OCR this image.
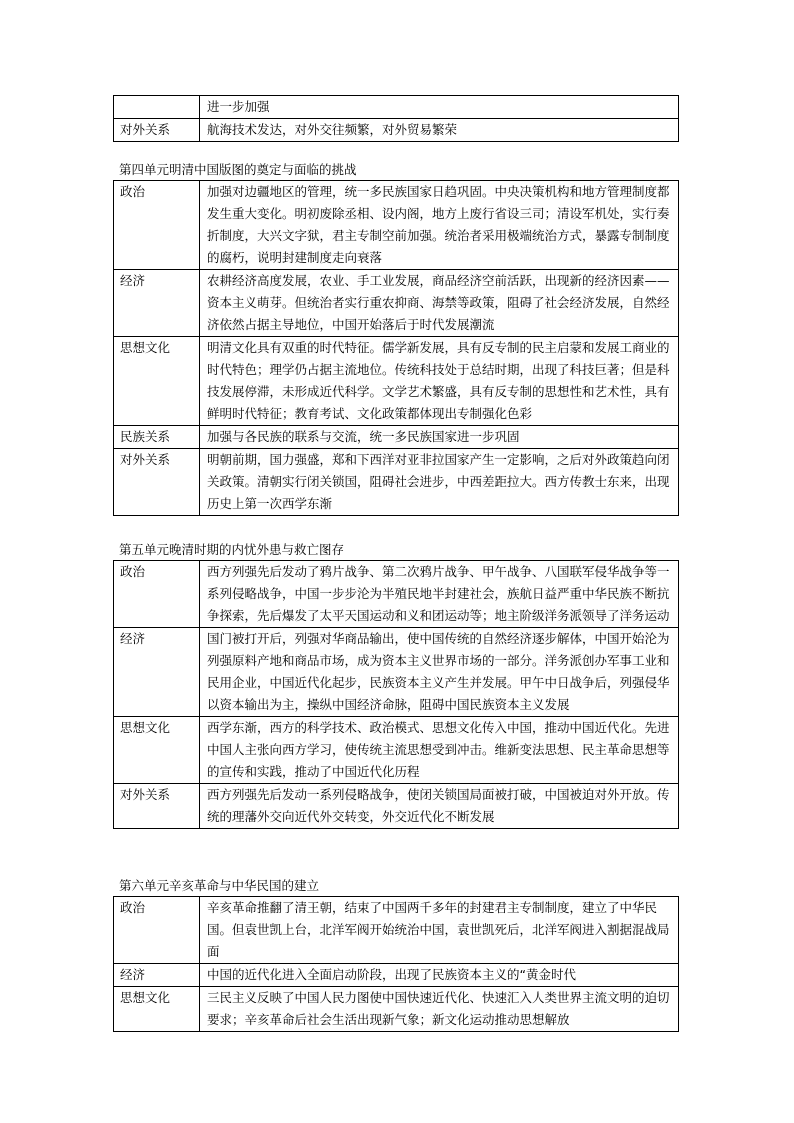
	进一步加强
对外关系	航海技术发达，对外交往频繁，对外贸易繁荣
第四单元明清中国版图的奠定与面临的挑战
政治	加强对边疆地区的管理，统一多民族国家日趋巩固。中央决策机构和地方管理制度都发生重大变化。明初废除丞相、设内阁，地方上废行省设三司；清设军机处，实行奏折制度，大兴文字狱，君主专制空前加强。统治者采用极端统治方式，暴露专制制度的腐朽，说明封建制度走向衰落
经济	农耕经济高度发展，农业、手工业发展，商品经济空前活跃，出现新的经济因素——资本主义萌芽。但统治者实行重农抑商、海禁等政策，阻碍了社会经济发展，自然经济依然占据主导地位，中国开始落后于时代发展潮流
思想文化	明清文化具有双重的时代特征。儒学新发展，具有反专制的民主启蒙和发展工商业的时代特色；理学仍占据主流地位。传统科技处于总结时期，出现了科技巨著；但是科技发展停滞，未形成近代科学。文学艺术繁盛，具有反专制的思想性和艺术性，具有鲜明时代特征；教育考试、文化政策都体现出专制强化色彩
民族关系	加强与各民族的联系与交流，统一多民族国家进一步巩固
对外关系	明朝前期，国力强盛，郑和下西洋对亚非拉国家产生一定影响，之后对外政策趋向闭关政策。清朝实行闭关锁国，阻碍社会进步，中西差距拉大。西方传教士东来，出现历史上第一次西学东渐
第五单元晚清时期的内忧外患与救亡图存
政治	西方列强先后发动了鸦片战争、第二次鸦片战争、甲午战争、八国联军侵华战争等一系列侵略战争，中国一步步沦为半殖民地半封建社会，族航日益严重中华民族不断抗争探索，先后爆发了太平天国运动和义和团运动等；地主阶级洋务派领导了洋务运动
经济	国门被打开后，列强对华商品输出，使中国传统的自然经济逐步解体，中国开始沦为列强原料产地和商品市场，成为资本主义世界市场的一部分。洋务派创办军事工业和民用企业，中国近代化起步，民族资本主义产生并发展。甲午中日战争后，列强侵华以资本输出为主，操纵中国经济命脉，阻碍中国民族资本主义发展
思想文化	西学东渐，西方的科学技术、政治模式、思想文化传入中国，推动中国近代化。先进中国人主张向西方学习，使传统主流思想受到冲击。维新变法思想、民主革命思想等的宣传和实践，推动了中国近代化历程
对外关系	西方列强先后发动一系列侵略战争，使闭关锁国局面被打破，中国被迫对外开放。传统的理藩外交向近代外交转变，外交近代化不断发展
第六单元辛亥革命与中华民国的建立
政治	辛亥革命推翻了清王朝，结束了中国两千多年的封建君主专制制度，建立了中华民国。但袁世凯上台，北洋军阀开始统治中国，袁世凯死后，北洋军阀进入割据混战局面
经济	中国的近代化进入全面启动阶段，出现了民族资本主义的“黄金时代
思想文化	三民主义反映了中国人民力图使中国快速近代化、快速汇入人类世界主流文明的迫切要求；辛亥革命后社会生活出现新气象；新文化运动推动思想解放
